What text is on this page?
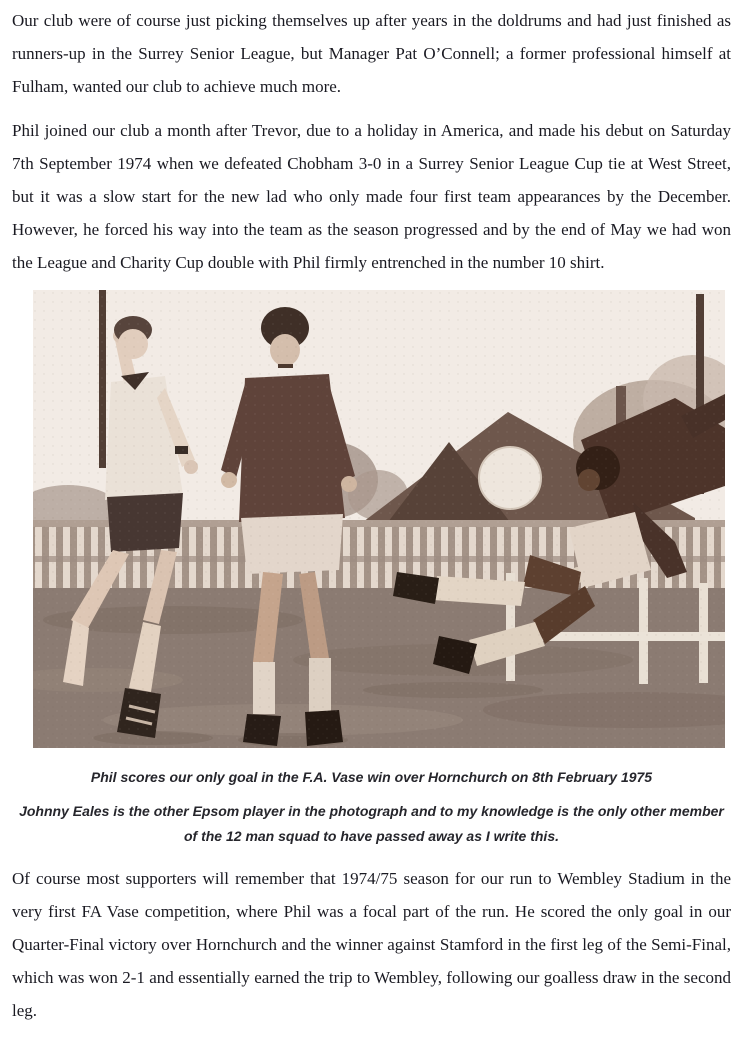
Our club were of course just picking themselves up after years in the doldrums and had just finished as runners-up in the Surrey Senior League, but Manager Pat O’Connell; a former professional himself at Fulham, wanted our club to achieve much more.

Phil joined our club a month after Trevor, due to a holiday in America, and made his debut on Saturday 7th September 1974 when we defeated Chobham 3-0 in a Surrey Senior League Cup tie at West Street, but it was a slow start for the new lad who only made four first team appearances by the December. However, he forced his way into the team as the season progressed and by the end of May we had won the League and Charity Cup double with Phil firmly entrenched in the number 10 shirt.

Phil scores our only goal in the F.A. Vase win over Hornchurch on 8th February 1975
Johnny Eales is the other Epsom player in the photograph and to my knowledge is the only other member of the 12 man squad to have passed away as I write this.

Of course most supporters will remember that 1974/75 season for our run to Wembley Stadium in the very first FA Vase competition, where Phil was a focal part of the run. He scored the only goal in our Quarter-Final victory over Hornchurch and the winner against Stamford in the first leg of the Semi-Final, which was won 2-1 and essentially earned the trip to Wembley, following our goalless draw in the second leg.
